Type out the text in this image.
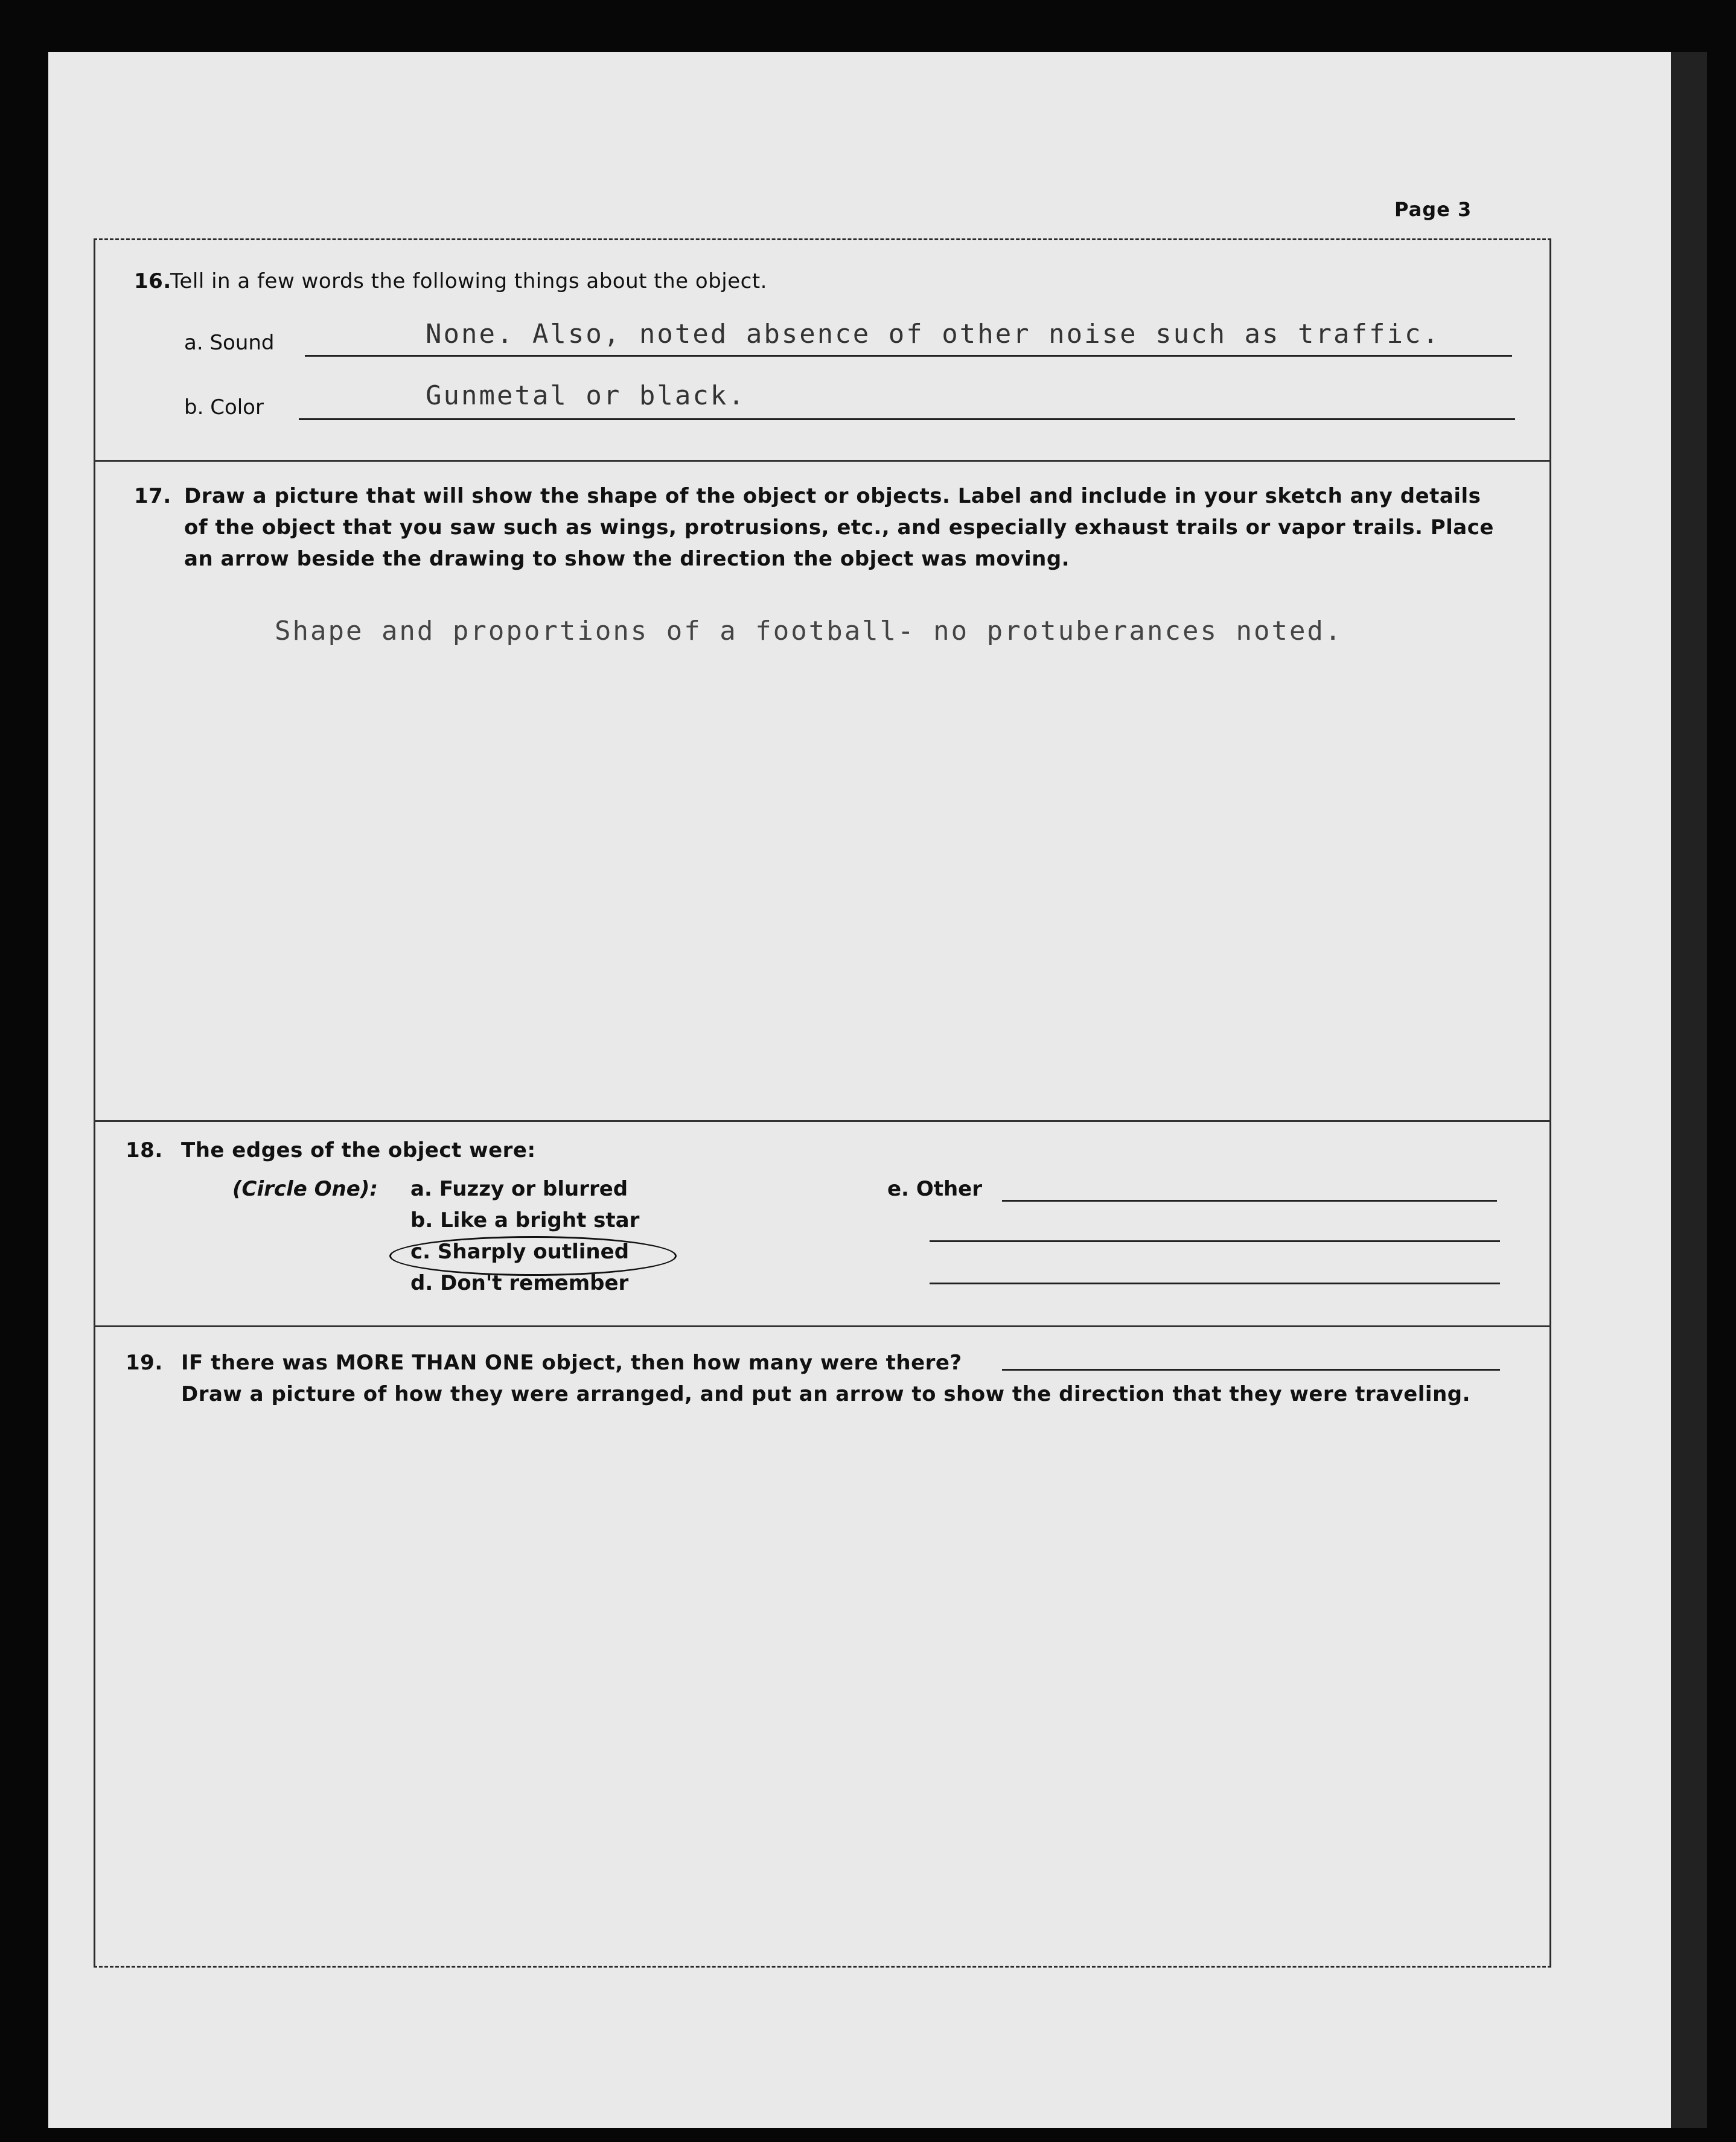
Page 3
16.
Tell in a few words the following things about the object.
a. Sound	None. Also, noted absence of other noise such as traffic.
b. Color	Gunmetal or black.
17. Draw a picture that will show the shape of the object or objects. Label and include in your sketch any details
of the object that you saw such as wings, protrusions, etc., and especially exhaust trails or vapor trails. Place
an arrow beside the drawing to show the direction the object was moving.
Shape and proportions of a football- no protuberances noted.
18. The edges of the object were:
(Circle One): a. Fuzzy or blurred
b. Like a bright star
c. Sharply outlined
d. Don't remember
e. Other
19. IF there was MORE THAN ONE object, then how many were there?
Draw a picture of how they were arranged, and put an arrow to show the direction that they were traveling.
